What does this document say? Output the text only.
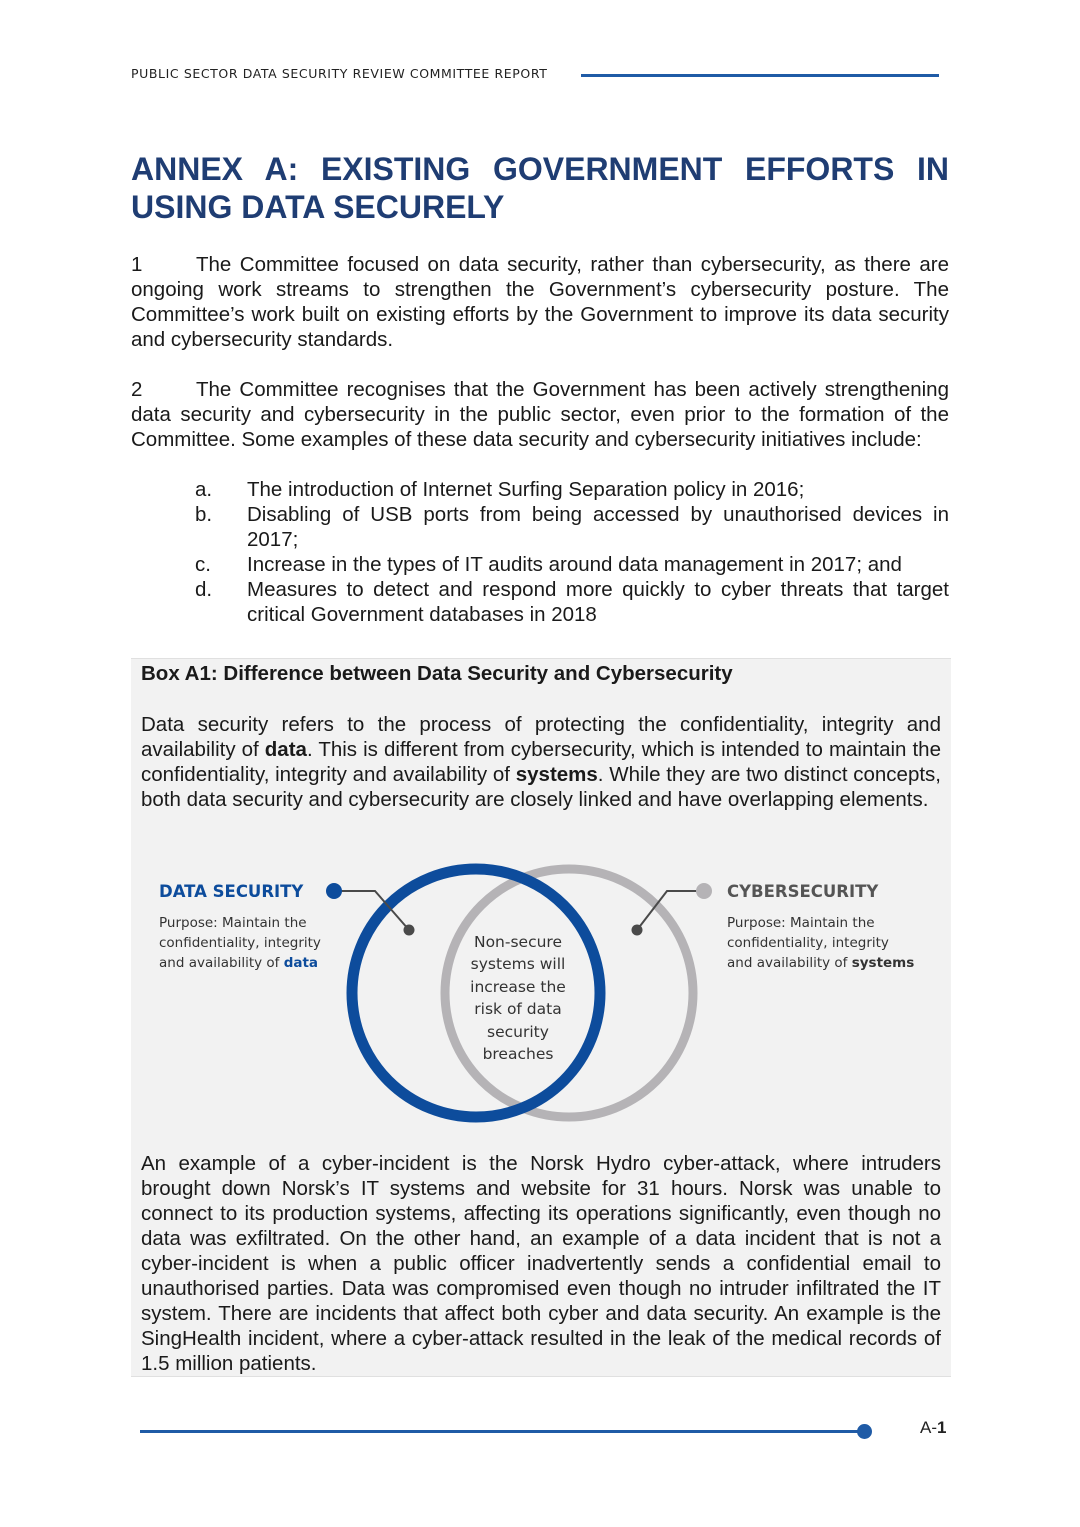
PUBLIC SECTOR DATA SECURITY REVIEW COMMITTEE REPORT
ANNEX A: EXISTING GOVERNMENT EFFORTS IN
USING DATA SECURELY

1	The Committee focused on data security, rather than cybersecurity, as there are ongoing work streams to strengthen the Government’s cybersecurity posture. The Committee’s work built on existing efforts by the Government to improve its data security and cybersecurity standards.

2	The Committee recognises that the Government has been actively strengthening data security and cybersecurity in the public sector, even prior to the formation of the Committee. Some examples of these data security and cybersecurity initiatives include:

a.	The introduction of Internet Surfing Separation policy in 2016;
b.	Disabling of USB ports from being accessed by unauthorised devices in 2017;
c.	Increase in the types of IT audits around data management in 2017; and
d.	Measures to detect and respond more quickly to cyber threats that target critical Government databases in 2018

Box A1: Difference between Data Security and Cybersecurity

Data security refers to the process of protecting the confidentiality, integrity and availability of data. This is different from cybersecurity, which is intended to maintain the confidentiality, integrity and availability of systems. While they are two distinct concepts, both data security and cybersecurity are closely linked and have overlapping elements.

DATA SECURITY
Purpose: Maintain the
confidentiality, integrity
and availability of data
CYBERSECURITY
Purpose: Maintain the
confidentiality, integrity
and availability of systems
Non-secure
systems will
increase the
risk of data
security
breaches

An example of a cyber-incident is the Norsk Hydro cyber-attack, where intruders brought down Norsk’s IT systems and website for 31 hours. Norsk was unable to connect to its production systems, affecting its operations significantly, even though no data was exfiltrated. On the other hand, an example of a data incident that is not a cyber-incident is when a public officer inadvertently sends a confidential email to unauthorised parties. Data was compromised even though no intruder infiltrated the IT system. There are incidents that affect both cyber and data security. An example is the SingHealth incident, where a cyber-attack resulted in the leak of the medical records of 1.5 million patients.

A-1
